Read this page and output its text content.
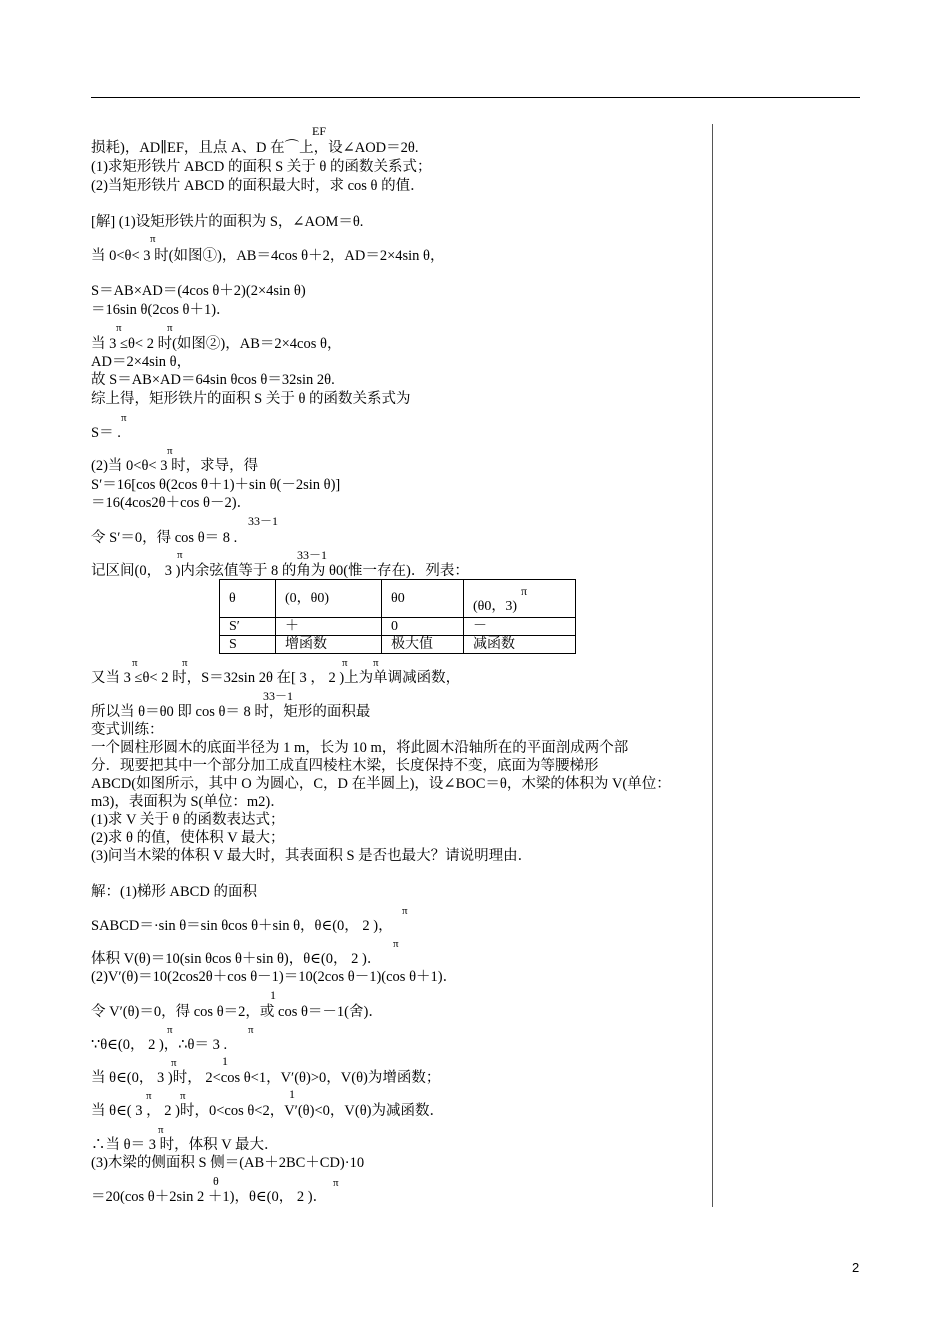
EF
损耗)，AD∥EF，且点 A、D 在⌒上，设∠AOD＝2θ.
(1)求矩形铁片 ABCD 的面积 S 关于 θ 的函数关系式；
(2)当矩形铁片 ABCD 的面积最大时，求 cos θ 的值．
[解] (1)设矩形铁片的面积为 S，∠AOM＝θ.
π
当 0<θ< 3 时(如图①)，AB＝4cos θ＋2，AD＝2×4sin θ，
S＝AB×AD＝(4cos θ＋2)(2×4sin θ)
＝16sin θ(2cos θ＋1)．
π	π
当 3 ≤θ< 2 时(如图②)，AB＝2×4cos θ，
AD＝2×4sin θ，
故 S＝AB×AD＝64sin θcos θ＝32sin 2θ.
综上得，矩形铁片的面积 S 关于 θ 的函数关系式为
π
S＝ .
π
(2)当 0<θ< 3 时，求导，得
S′＝16[cos θ(2cos θ＋1)＋sin θ(－2sin θ)]
＝16(4cos2θ＋cos θ－2)．
33－1
令 S′＝0，得 cos θ＝ 8 .
π	33－1
记区间(0， 3 )内余弦值等于 8 的角为 θ0(惟一存在)．列表：
θ	(0，θ0)	θ0	π
(θ0，3)

S′	＋	0	－
S	增函数	极大值	减函数
π	π	π π
又当 3 ≤θ< 2 时，S＝32sin 2θ 在[ 3 ， 2 )上为单调减函数，
33－1
所以当 θ＝θ0 即 cos θ＝ 8 时，矩形的面积最
变式训练：
一个圆柱形圆木的底面半径为 1 m，长为 10 m，将此圆木沿轴所在的平面剖成两个部
分．现要把其中一个部分加工成直四棱柱木梁，长度保持不变，底面为等腰梯形
ABCD(如图所示，其中 O 为圆心，C，D 在半圆上)，设∠BOC＝θ，木梁的体积为 V(单位：
m3)，表面积为 S(单位：m2)．
(1)求 V 关于 θ 的函数表达式；
(2)求 θ 的值，使体积 V 最大；
(3)问当木梁的体积 V 最大时，其表面积 S 是否也最大？请说明理由．
解：(1)梯形 ABCD 的面积
π
SABCD＝·sin θ＝sin θcos θ＋sin θ，θ∈(0， 2 )，
π
体积 V(θ)＝10(sin θcos θ＋sin θ)，θ∈(0， 2 )．
(2)V′(θ)＝10(2cos2θ＋cos θ－1)＝10(2cos θ－1)(cos θ＋1)．
1
令 V′(θ)＝0，得 cos θ＝2，或 cos θ＝－1(舍)．
π	π
∵θ∈(0， 2 )，∴θ＝ 3 .
π	1
当 θ∈(0， 3 )时， 2<cos θ<1，V′(θ)>0，V(θ)为增函数；
π	π	1
当 θ∈( 3 ， 2 )时，0<cos θ<2，V′(θ)<0，V(θ)为减函数．
π
∴当 θ＝ 3 时，体积 V 最大．
(3)木梁的侧面积 S 侧＝(AB＋2BC＋CD)·10
θ	π
＝20(cos θ＋2sin 2 ＋1)，θ∈(0， 2 )．
2
